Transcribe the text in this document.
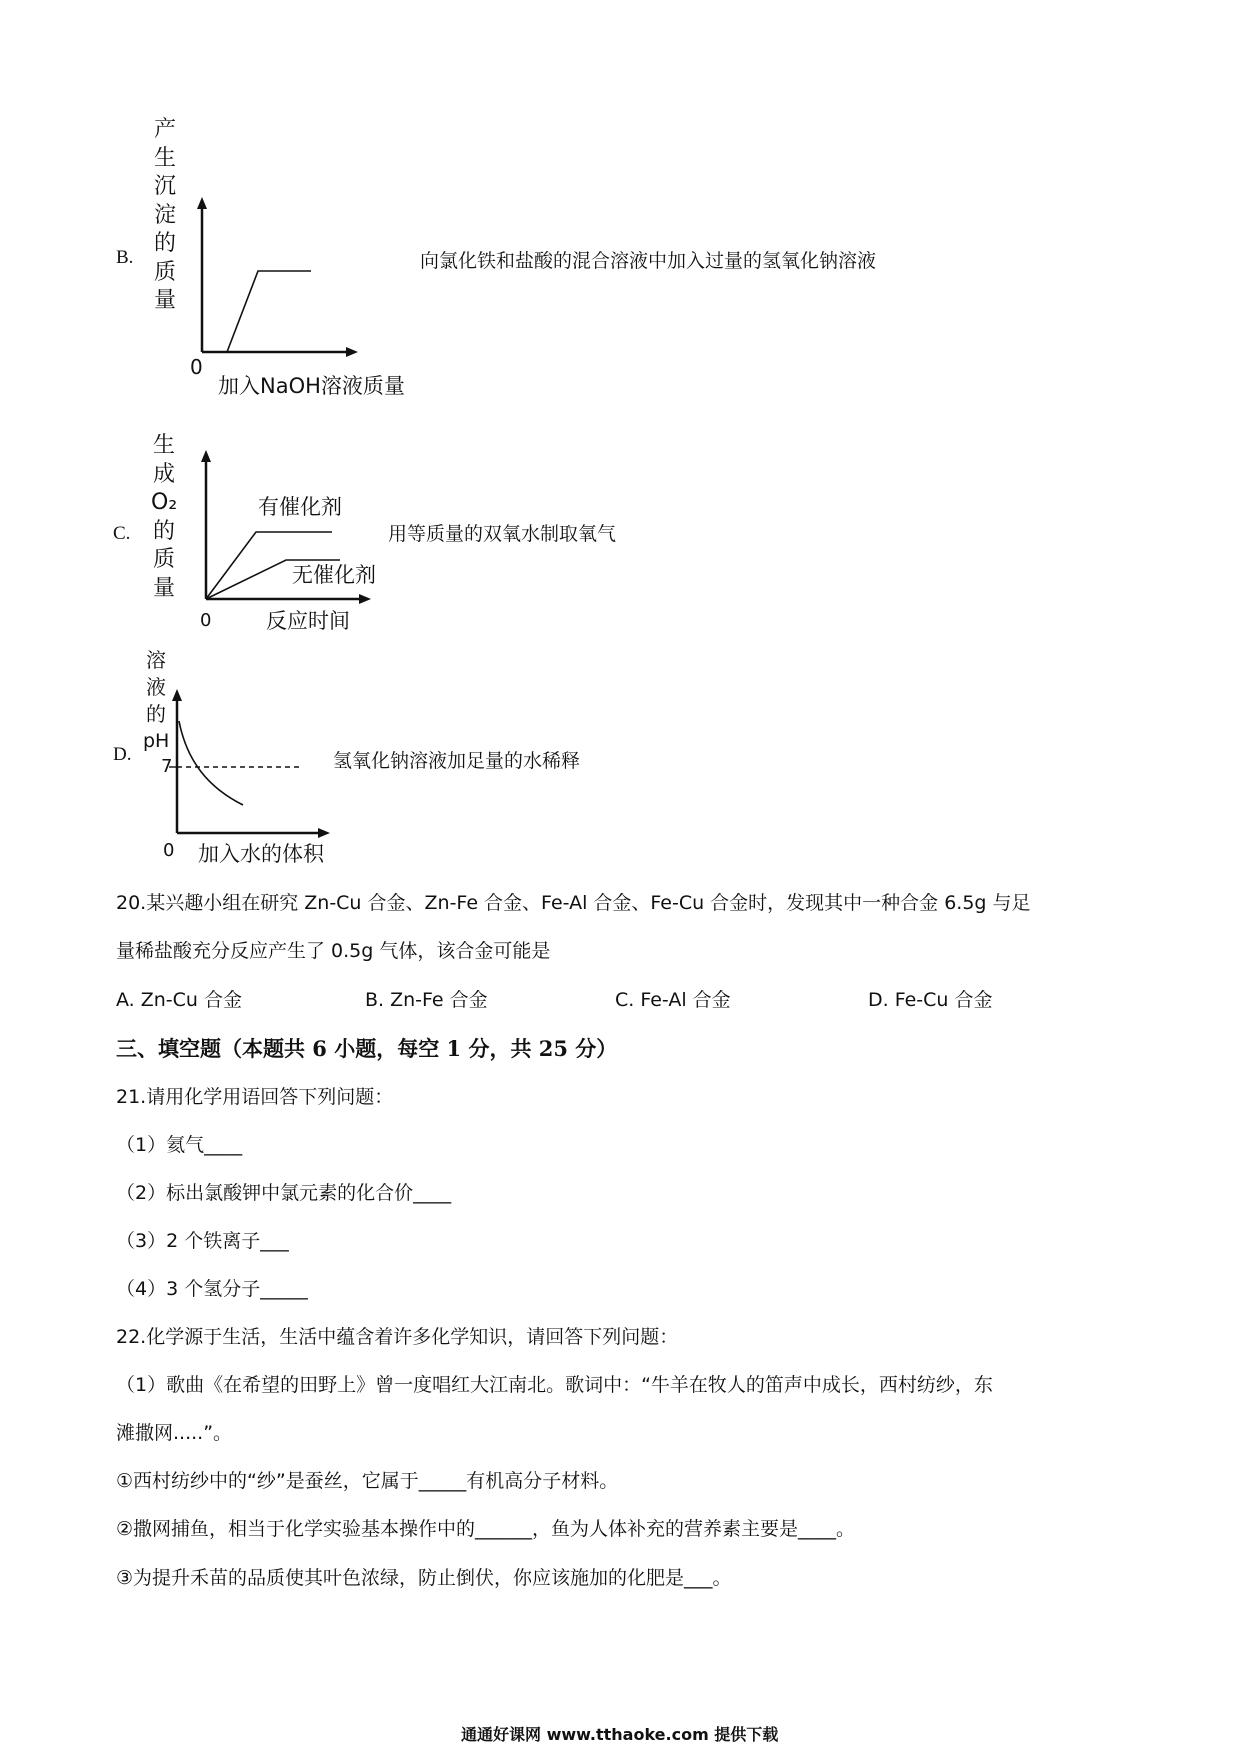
B.
产
生
沉
淀
的
质
量
0
加入NaOH溶液质量
向氯化铁和盐酸的混合溶液中加入过量的氢氧化钠溶液
C.
生
成
O₂
的
质
量
0	反应时间
有催化剂
无催化剂
用等质量的双氧水制取氧气
D.
溶
液
的
pH
7
0 加入水的体积
氢氧化钠溶液加足量的水稀释
20.某兴趣小组在研究 Zn-Cu 合金、Zn-Fe 合金、Fe-Al 合金、Fe-Cu 合金时，发现其中一种合金 6.5g 与足
量稀盐酸充分反应产生了 0.5g 气体，该合金可能是
A. Zn-Cu 合金	B. Zn-Fe 合金	C. Fe-Al 合金	D. Fe-Cu 合金
三、填空题（本题共 6 小题，每空 1 分，共 25 分）
21.请用化学用语回答下列问题：
（1）氦气____
（2）标出氯酸钾中氯元素的化合价____
（3）2 个铁离子___
（4）3 个氢分子_____
22.化学源于生活，生活中蕴含着许多化学知识，请回答下列问题：
（1）歌曲《在希望的田野上》曾一度唱红大江南北。歌词中：“牛羊在牧人的笛声中成长，西村纺纱，东
滩撒网.....”。
①西村纺纱中的“纱”是蚕丝，它属于_____有机高分子材料。
②撒网捕鱼，相当于化学实验基本操作中的______，鱼为人体补充的营养素主要是____。
③为提升禾苗的品质使其叶色浓绿，防止倒伏，你应该施加的化肥是___。
通通好课网 www.tthaoke.com 提供下载
